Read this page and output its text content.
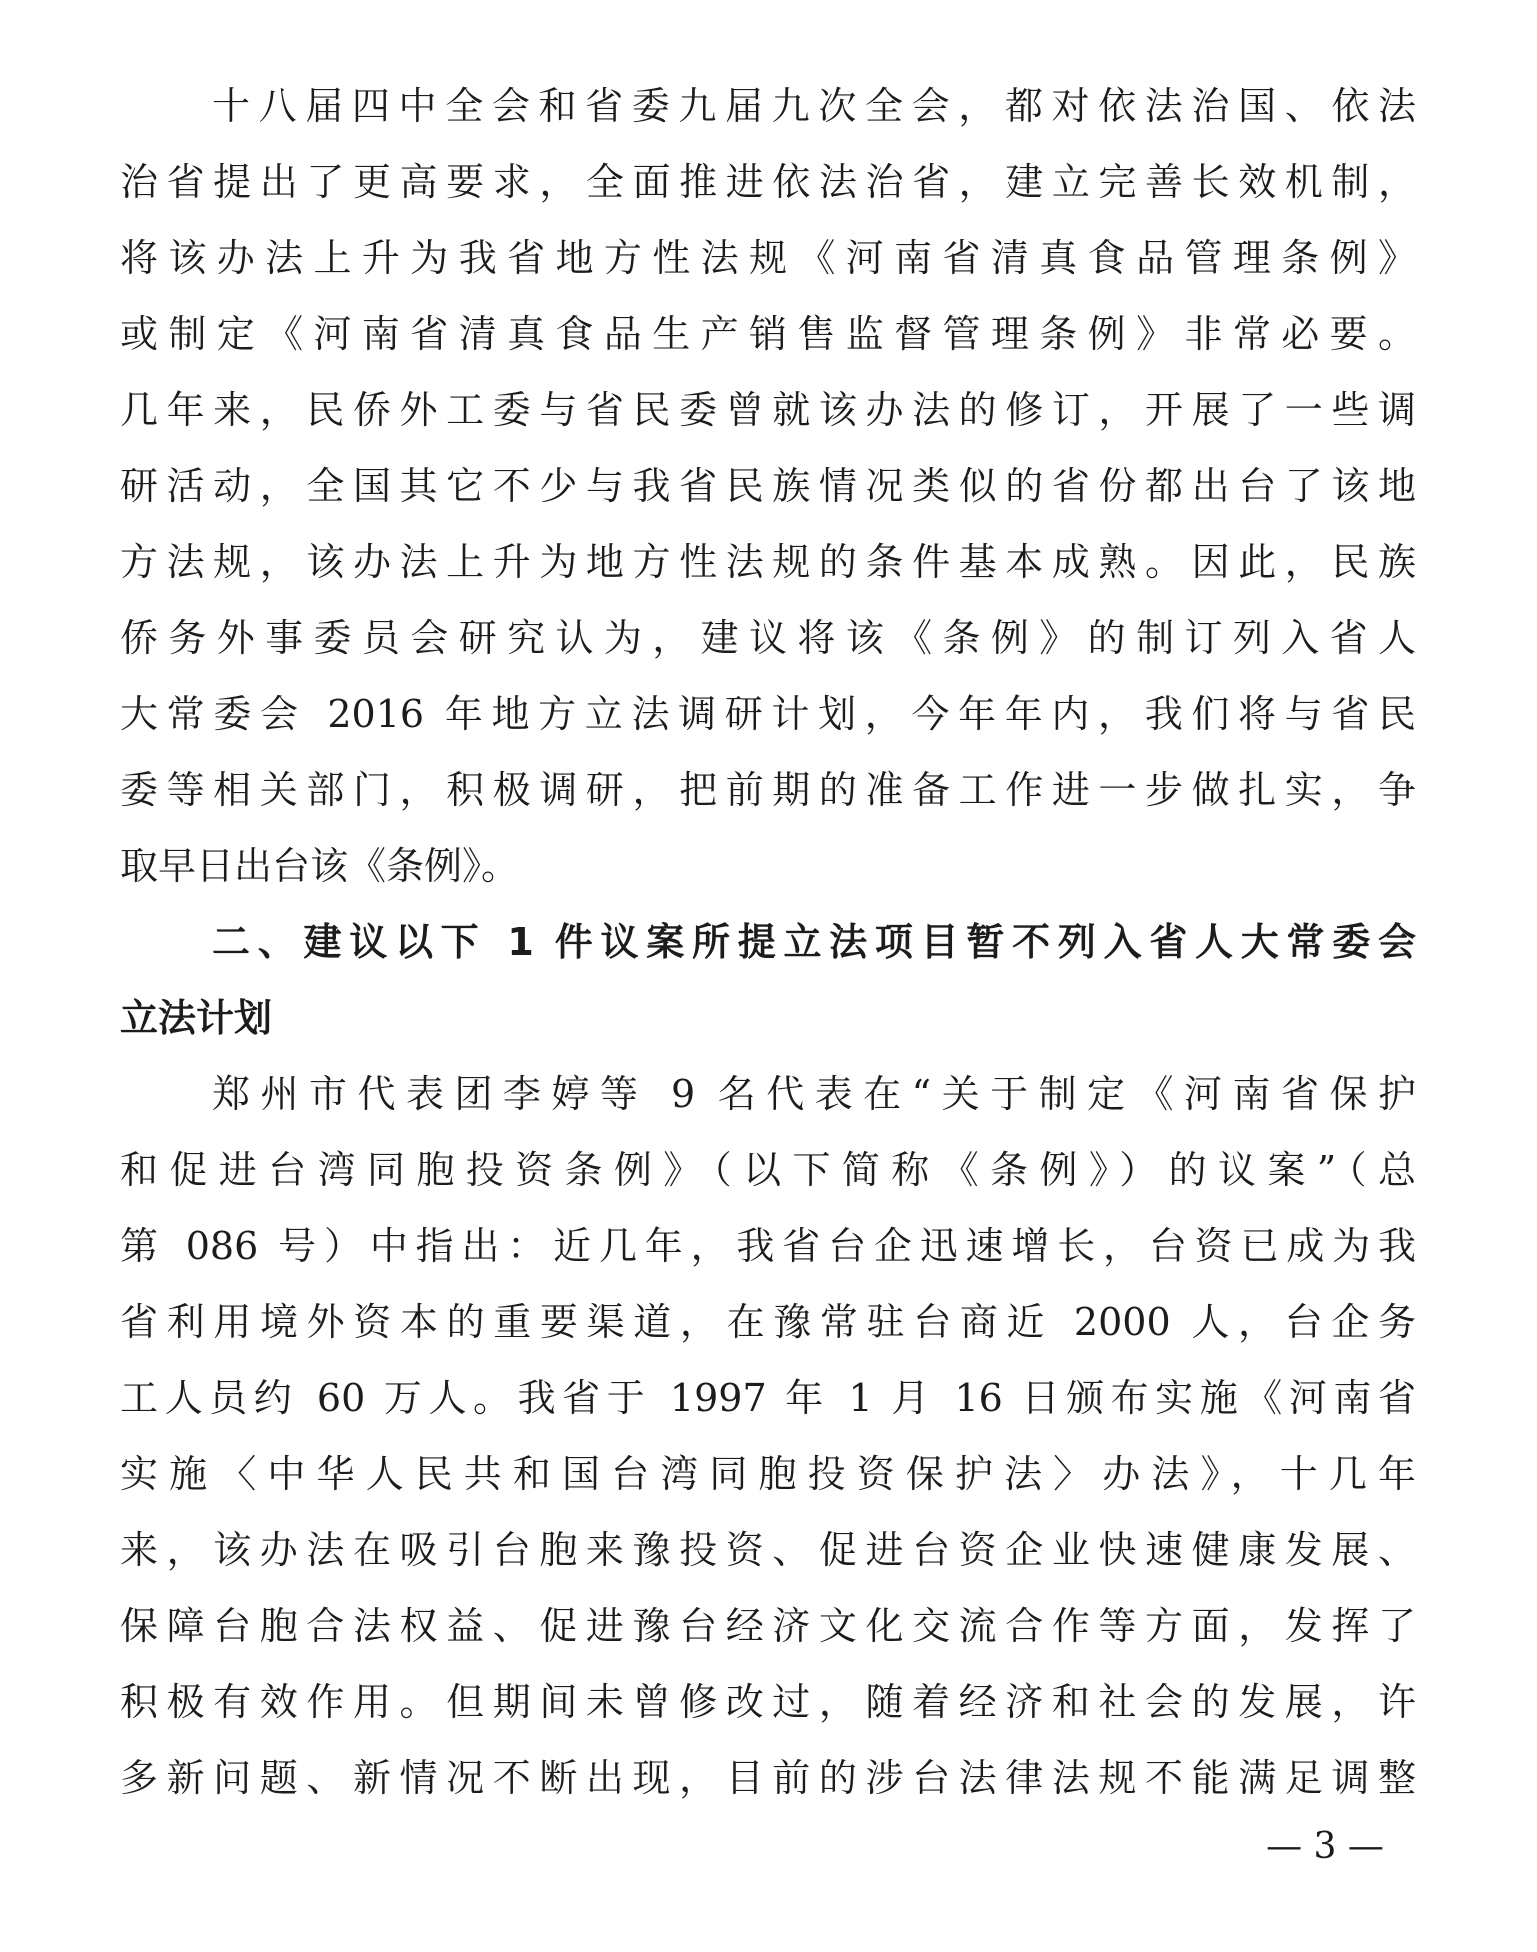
十八届四中全会和省委九届九次全会，都对依法治国、依法
治省提出了更高要求，全面推进依法治省，建立完善长效机制，
将该办法上升为我省地方性法规《河南省清真食品管理条例》
或制定《河南省清真食品生产销售监督管理条例》非常必要。
几年来，民侨外工委与省民委曾就该办法的修订，开展了一些调
研活动，全国其它不少与我省民族情况类似的省份都出台了该地
方法规，该办法上升为地方性法规的条件基本成熟。因此，民族
侨务外事委员会研究认为，建议将该《条例》的制订列入省人
大常委会 2016 年地方立法调研计划，今年年内，我们将与省民
委等相关部门，积极调研，把前期的准备工作进一步做扎实，争
取早日出台该《条例》。
二、建议以下 1 件议案所提立法项目暂不列入省人大常委会
立法计划
郑州市代表团李婷等 9 名代表在“关于制定《河南省保护
和促进台湾同胞投资条例》（以下简称《条例》）的议案”（总
第 086 号）中指出：近几年，我省台企迅速增长，台资已成为我
省利用境外资本的重要渠道，在豫常驻台商近 2000 人，台企务
工人员约 60 万人。我省于 1997 年 1 月 16 日颁布实施《河南省
实施〈中华人民共和国台湾同胞投资保护法〉办法》，十几年
来，该办法在吸引台胞来豫投资、促进台资企业快速健康发展、
保障台胞合法权益、促进豫台经济文化交流合作等方面，发挥了
积极有效作用。但期间未曾修改过，随着经济和社会的发展，许
多新问题、新情况不断出现，目前的涉台法律法规不能满足调整
— 3 —
